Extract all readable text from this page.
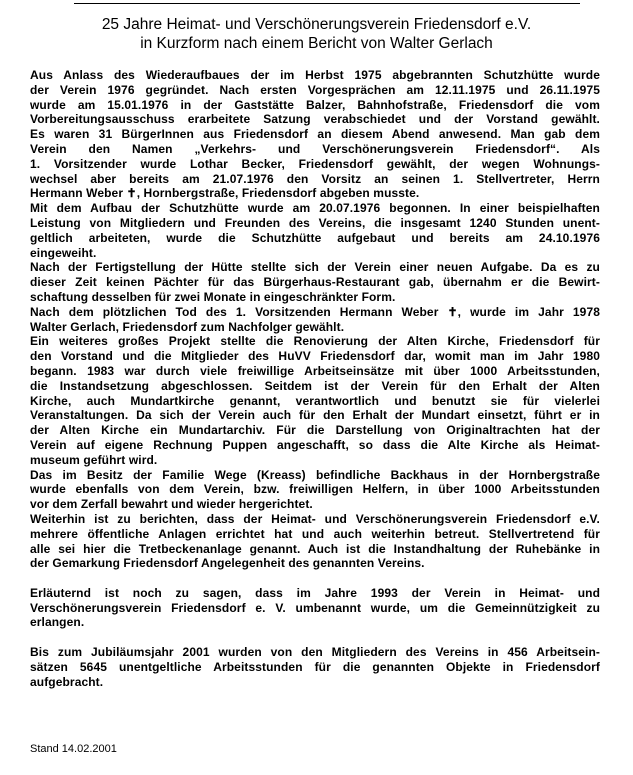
25 Jahre Heimat- und Verschönerungsverein Friedensdorf e.V.
in Kurzform nach einem Bericht von Walter Gerlach
Aus Anlass des Wiederaufbaues der im Herbst 1975 abgebrannten Schutzhütte wurde
der Verein 1976 gegründet. Nach ersten Vorgesprächen am 12.11.1975 und 26.11.1975
wurde am 15.01.1976 in der Gaststätte Balzer, Bahnhofstraße, Friedensdorf die vom
Vorbereitungsausschuss erarbeitete Satzung verabschiedet und der Vorstand gewählt.
Es waren 31 BürgerInnen aus Friedensdorf an diesem Abend anwesend. Man gab dem
Verein den Namen „Verkehrs- und Verschönerungsverein Friedensdorf“. Als
1. Vorsitzender wurde Lothar Becker, Friedensdorf gewählt, der wegen Wohnungs-
wechsel aber bereits am 21.07.1976 den Vorsitz an seinen 1. Stellvertreter, Herrn
Hermann Weber ✝, Hornbergstraße, Friedensdorf abgeben musste.
Mit dem Aufbau der Schutzhütte wurde am 20.07.1976 begonnen. In einer beispielhaften
Leistung von Mitgliedern und Freunden des Vereins, die insgesamt 1240 Stunden unent-
geltlich arbeiteten, wurde die Schutzhütte aufgebaut und bereits am 24.10.1976
eingeweiht.
Nach der Fertigstellung der Hütte stellte sich der Verein einer neuen Aufgabe. Da es zu
dieser Zeit keinen Pächter für das Bürgerhaus-Restaurant gab, übernahm er die Bewirt-
schaftung desselben für zwei Monate in eingeschränkter Form.
Nach dem plötzlichen Tod des 1. Vorsitzenden Hermann Weber ✝, wurde im Jahr 1978
Walter Gerlach, Friedensdorf zum Nachfolger gewählt.
Ein weiteres großes Projekt stellte die Renovierung der Alten Kirche, Friedensdorf für
den Vorstand und die Mitglieder des HuVV Friedensdorf dar, womit man im Jahr 1980
begann. 1983 war durch viele freiwillige Arbeitseinsätze mit über 1000 Arbeitsstunden,
die Instandsetzung abgeschlossen. Seitdem ist der Verein für den Erhalt der Alten
Kirche, auch Mundartkirche genannt, verantwortlich und benutzt sie für vielerlei
Veranstaltungen. Da sich der Verein auch für den Erhalt der Mundart einsetzt, führt er in
der Alten Kirche ein Mundartarchiv. Für die Darstellung von Originaltrachten hat der
Verein auf eigene Rechnung Puppen angeschafft, so dass die Alte Kirche als Heimat-
museum geführt wird.
Das im Besitz der Familie Wege (Kreass) befindliche Backhaus in der Hornbergstraße
wurde ebenfalls von dem Verein, bzw. freiwilligen Helfern, in über 1000 Arbeitsstunden
vor dem Zerfall bewahrt und wieder hergerichtet.
Weiterhin ist zu berichten, dass der Heimat- und Verschönerungsverein Friedensdorf e.V.
mehrere öffentliche Anlagen errichtet hat und auch weiterhin betreut. Stellvertretend für
alle sei hier die Tretbeckenanlage genannt. Auch ist die Instandhaltung der Ruhebänke in
der Gemarkung Friedensdorf Angelegenheit des genannten Vereins.
Erläuternd ist noch zu sagen, dass im Jahre 1993 der Verein in Heimat- und
Verschönerungsverein Friedensdorf e. V. umbenannt wurde, um die Gemeinnützigkeit zu
erlangen.
Bis zum Jubiläumsjahr 2001 wurden von den Mitgliedern des Vereins in 456 Arbeitsein-
sätzen 5645 unentgeltliche Arbeitsstunden für die genannten Objekte in Friedensdorf
aufgebracht.
Stand 14.02.2001
